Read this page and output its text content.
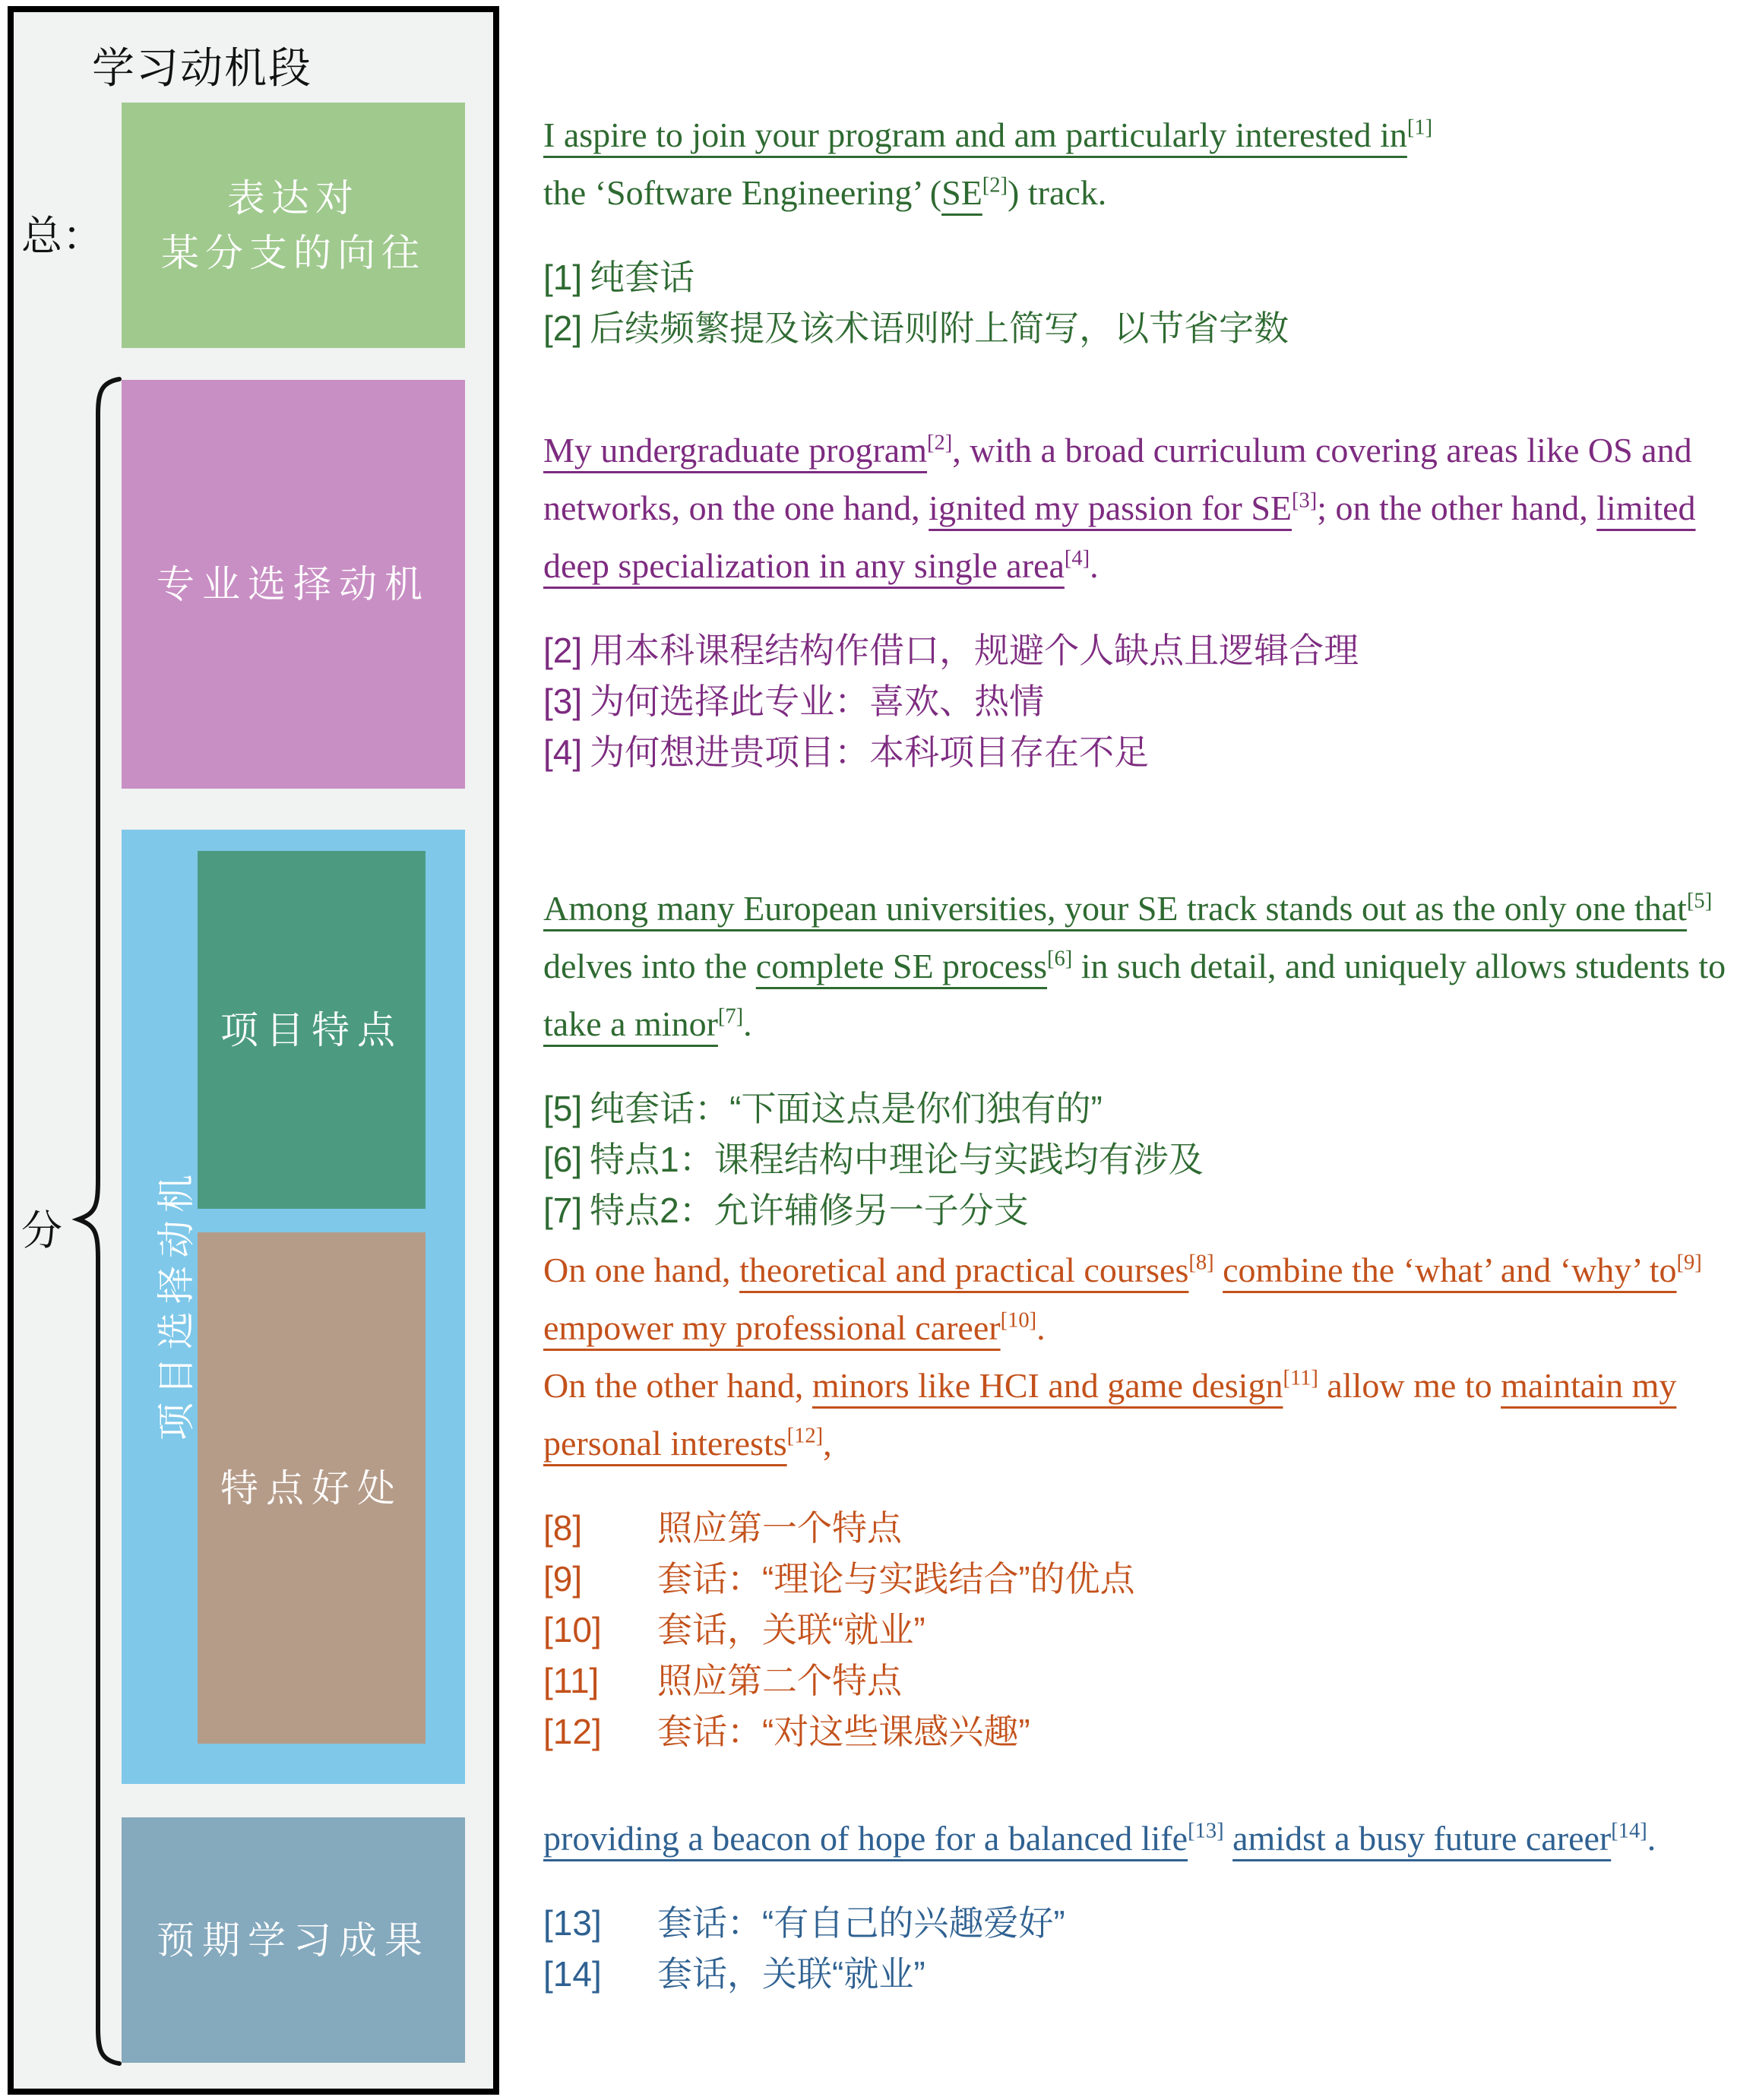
学习动机段
总：
分
表达对
某分支的向往
专业选择动机
项目选择动机
项目特点
特点好处
预期学习成果

I aspire to join your program and am particularly interested in[1]
the ‘Software Engineering’ (SE[2]) track.

[1] 纯套话
[2] 后续频繁提及该术语则附上简写，以节省字数

My undergraduate program[2], with a broad curriculum covering areas like OS and networks, on the one hand, ignited my passion for SE[3]; on the other hand, limited deep specialization in any single area[4].

[2] 用本科课程结构作借口，规避个人缺点且逻辑合理
[3] 为何选择此专业：喜欢、热情
[4] 为何想进贵项目：本科项目存在不足

Among many European universities, your SE track stands out as the only one that[5] delves into the complete SE process[6] in such detail, and uniquely allows students to take a minor[7].

[5] 纯套话：“下面这点是你们独有的”
[6] 特点1：课程结构中理论与实践均有涉及
[7] 特点2：允许辅修另一子分支

On one hand, theoretical and practical courses[8] combine the ‘what’ and ‘why’ to[9] empower my professional career[10].
On the other hand, minors like HCI and game design[11] allow me to maintain my personal interests[12],

[8] 照应第一个特点
[9] 套话：“理论与实践结合”的优点
[10] 套话，关联“就业”
[11] 照应第二个特点
[12] 套话：“对这些课感兴趣”

providing a beacon of hope for a balanced life[13] amidst a busy future career[14].

[13] 套话：“有自己的兴趣爱好”
[14] 套话，关联“就业”
